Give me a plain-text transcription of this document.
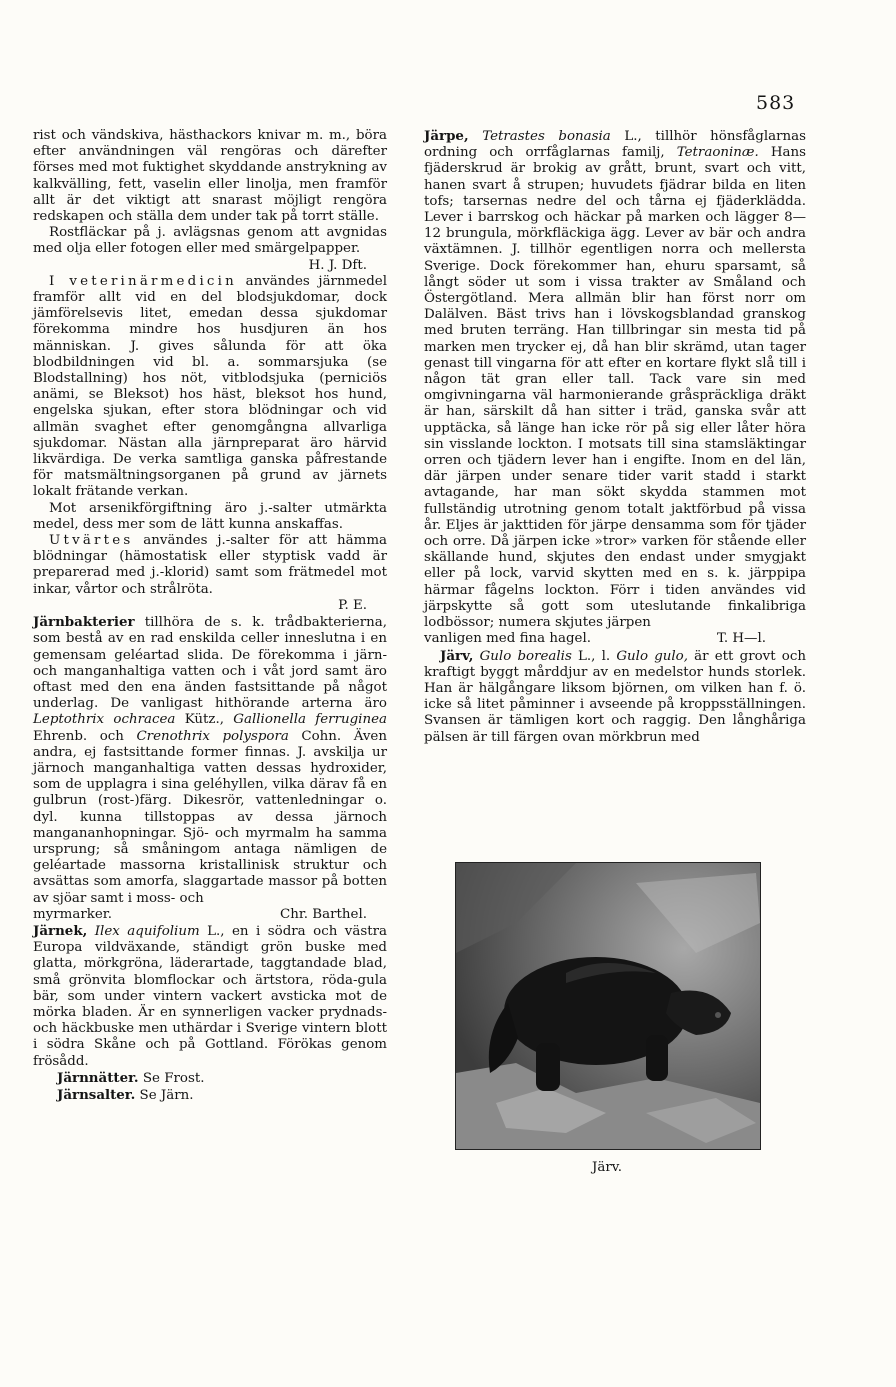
583

rist och vändskiva, hästhackors knivar m. m., böra efter användningen väl rengöras och därefter förses med mot fuktighet skyddande anstrykning av kalkvälling, fett, vaselin eller linolja, men framför allt är det viktigt att snarast möjligt rengöra redskapen och ställa dem under tak på torrt ställe.

Rostfläckar på j. avlägsnas genom att avgnidas med olja eller fotogen eller med smärgelpapper.

H. J. Dft.

I veterinärmedicin användes järnmedel framför allt vid en del blodsjukdomar, dock jämförelsevis litet, emedan dessa sjukdomar förekomma mindre hos husdjuren än hos människan. J. gives sålunda för att öka blodbildningen vid bl. a. sommarsjuka (se Blodstallning) hos nöt, vitblodsjuka (perniciös anämi, se Bleksot) hos häst, bleksot hos hund, engelska sjukan, efter stora blödningar och vid allmän svaghet efter genomgångna allvarliga sjukdomar. Nästan alla järnpreparat äro härvid likvärdiga. De verka samtliga ganska påfrestande för matsmältningsorganen på grund av järnets lokalt frätande verkan.

Mot arsenikförgiftning äro j.-salter utmärkta medel, dess mer som de lätt kunna anskaffas.

Utvärtes användes j.-salter för att hämma blödningar (hämostatisk eller styptisk vadd är preparerad med j.-klorid) samt som frätmedel mot inkar, vårtor och strålröta.

P. E.

Järnbakterier tillhöra de s. k. trådbakterierna, som bestå av en rad enskilda celler inneslutna i en gemensam geléartad slida. De förekomma i järn- och manganhaltiga vatten och i våt jord samt äro oftast med den ena änden fastsittande på något underlag. De vanligast hithörande arterna äro Leptothrix ochracea Kütz., Gallionella ferruginea Ehrenb. och Crenothrix polyspora Cohn. Även andra, ej fastsittande former finnas. J. avskilja ur järnoch manganhaltiga vatten dessas hydroxider, som de upplagra i sina geléhyllen, vilka därav få en gulbrun (rost-)färg. Dikesrör, vattenledningar o. dyl. kunna tillstoppas av dessa järnoch mangananhopningar. Sjö- och myrmalm ha samma ursprung; så småningom antaga nämligen de geléartade massorna kristallinisk struktur och avsättas som amorfa, slaggartade massor på botten av sjöar samt i moss- och

myrmarker.	Chr. Barthel.

Järnek, Ilex aquifolium L., en i södra och västra Europa vildväxande, ständigt grön buske med glatta, mörkgröna, läderartade, taggtandade blad, små grönvita blomflockar och ärtstora, röda-gula bär, som under vintern vackert avsticka mot de mörka bladen. Är en synnerligen vacker prydnads- och häckbuske men uthärdar i Sverige vintern blott i södra Skåne och på Gottland. Förökas genom frösådd.

Järnnätter. Se Frost.

Järnsalter. Se Järn.

Järpe, Tetrastes bonasia L., tillhör hönsfåglarnas ordning och orrfåglarnas familj, Tetraoninæ. Hans fjäderskrud är brokig av grått, brunt, svart och vitt, hanen svart å strupen; huvudets fjädrar bilda en liten tofs; tarsernas nedre del och tårna ej fjäderklädda. Lever i barrskog och häckar på marken och lägger 8—12 brungula, mörkfläckiga ägg. Lever av bär och andra växtämnen. J. tillhör egentligen norra och mellersta Sverige. Dock förekommer han, ehuru sparsamt, så långt söder ut som i vissa trakter av Småland och Östergötland. Mera allmän blir han först norr om Dalälven. Bäst trivs han i lövskogsblandad granskog med bruten terräng. Han tillbringar sin mesta tid på marken men trycker ej, då han blir skrämd, utan tager genast till vingarna för att efter en kortare flykt slå till i någon tät gran eller tall. Tack vare sin med omgivningarna väl harmonierande gråspräckliga dräkt är han, särskilt då han sitter i träd, ganska svår att upptäcka, så länge han icke rör på sig eller låter höra sin visslande lockton. I motsats till sina stamsläktingar orren och tjädern lever han i engifte. Inom en del län, där järpen under senare tider varit stadd i starkt avtagande, har man sökt skydda stammen mot fullständig utrotning genom totalt jaktförbud på vissa år. Eljes är jakttiden för järpe densamma som för tjäder och orre. Då järpen icke »tror» varken för stående eller skällande hund, skjutes den endast under smygjakt eller på lock, varvid skytten med en s. k. järppipa härmar fågelns lockton. Förr i tiden användes vid järpskytte så gott som uteslutande finkalibriga lodbössor; numera skjutes järpen

vanligen med fina hagel.	T. H—l.

Järv, Gulo borealis L., l. Gulo gulo, är ett grovt och kraftigt byggt mårddjur av en medelstor hunds storlek. Han är hälgångare liksom björnen, om vilken han f. ö. icke så litet påminner i avseende på kroppsställningen. Svansen är tämligen kort och raggig. Den långhåriga pälsen är till färgen ovan mörkbrun med

Järv.
